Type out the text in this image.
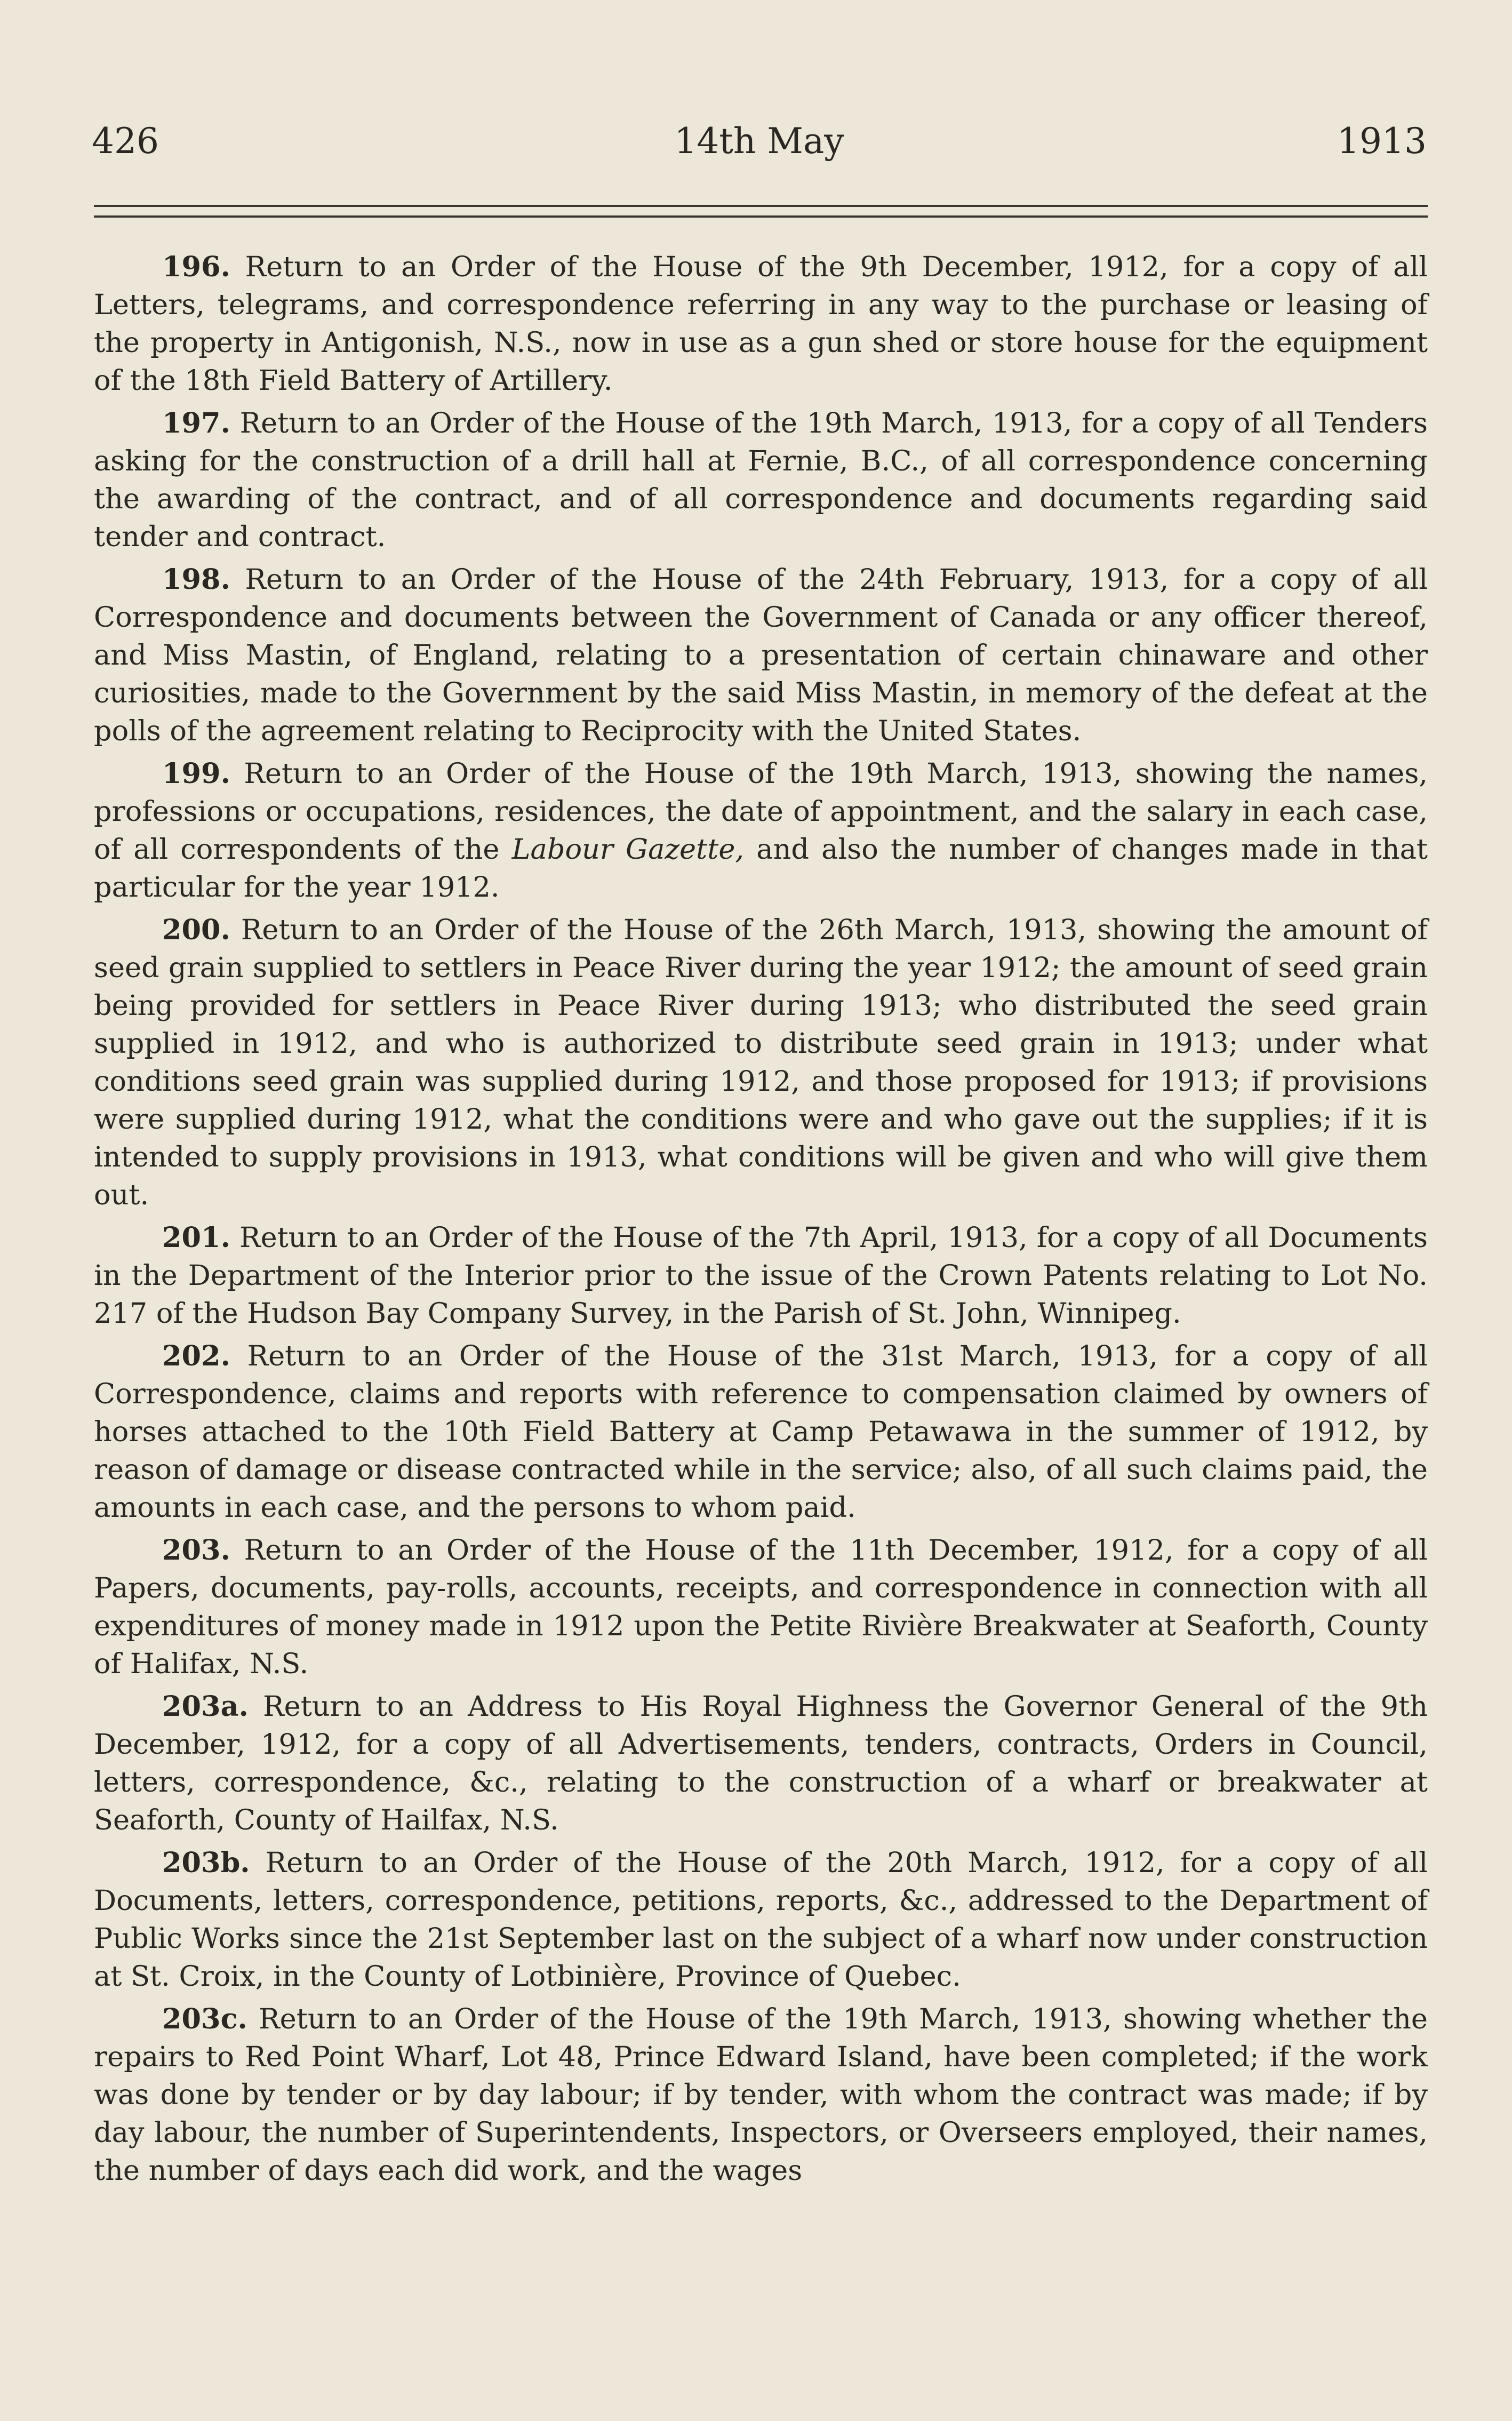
426	14th May	1913

196. Return to an Order of the House of the 9th December, 1912, for a copy of all Letters, telegrams, and correspondence referring in any way to the purchase or leasing of the property in Antigonish, N.S., now in use as a gun shed or store house for the equipment of the 18th Field Battery of Artillery.

197. Return to an Order of the House of the 19th March, 1913, for a copy of all Tenders asking for the construction of a drill hall at Fernie, B.C., of all correspondence concerning the awarding of the contract, and of all correspondence and documents regarding said tender and contract.

198. Return to an Order of the House of the 24th February, 1913, for a copy of all Correspondence and documents between the Government of Canada or any officer thereof, and Miss Mastin, of England, relating to a presentation of certain chinaware and other curiosities, made to the Government by the said Miss Mastin, in memory of the defeat at the polls of the agreement relating to Reciprocity with the United States.

199. Return to an Order of the House of the 19th March, 1913, showing the names, professions or occupations, residences, the date of appointment, and the salary in each case, of all correspondents of the Labour Gazette, and also the number of changes made in that particular for the year 1912.

200. Return to an Order of the House of the 26th March, 1913, showing the amount of seed grain supplied to settlers in Peace River during the year 1912; the amount of seed grain being provided for settlers in Peace River during 1913; who distributed the seed grain supplied in 1912, and who is authorized to distribute seed grain in 1913; under what conditions seed grain was supplied during 1912, and those proposed for 1913; if provisions were supplied during 1912, what the conditions were and who gave out the supplies; if it is intended to supply provisions in 1913, what conditions will be given and who will give them out.

201. Return to an Order of the House of the 7th April, 1913, for a copy of all Documents in the Department of the Interior prior to the issue of the Crown Patents relating to Lot No. 217 of the Hudson Bay Company Survey, in the Parish of St. John, Winnipeg.

202. Return to an Order of the House of the 31st March, 1913, for a copy of all Correspondence, claims and reports with reference to compensation claimed by owners of horses attached to the 10th Field Battery at Camp Petawawa in the summer of 1912, by reason of damage or disease contracted while in the service; also, of all such claims paid, the amounts in each case, and the persons to whom paid.

203. Return to an Order of the House of the 11th December, 1912, for a copy of all Papers, documents, pay-rolls, accounts, receipts, and correspondence in connection with all expenditures of money made in 1912 upon the Petite Rivière Breakwater at Seaforth, County of Halifax, N.S.

203a. Return to an Address to His Royal Highness the Governor General of the 9th December, 1912, for a copy of all Advertisements, tenders, contracts, Orders in Council, letters, correspondence, &c., relating to the construction of a wharf or breakwater at Seaforth, County of Hailfax, N.S.

203b. Return to an Order of the House of the 20th March, 1912, for a copy of all Documents, letters, correspondence, petitions, reports, &c., addressed to the Department of Public Works since the 21st September last on the subject of a wharf now under construction at St. Croix, in the County of Lotbinière, Province of Quebec.

203c. Return to an Order of the House of the 19th March, 1913, showing whether the repairs to Red Point Wharf, Lot 48, Prince Edward Island, have been completed; if the work was done by tender or by day labour; if by tender, with whom the contract was made; if by day labour, the number of Superintendents, Inspectors, or Overseers employed, their names, the number of days each did work, and the wages
